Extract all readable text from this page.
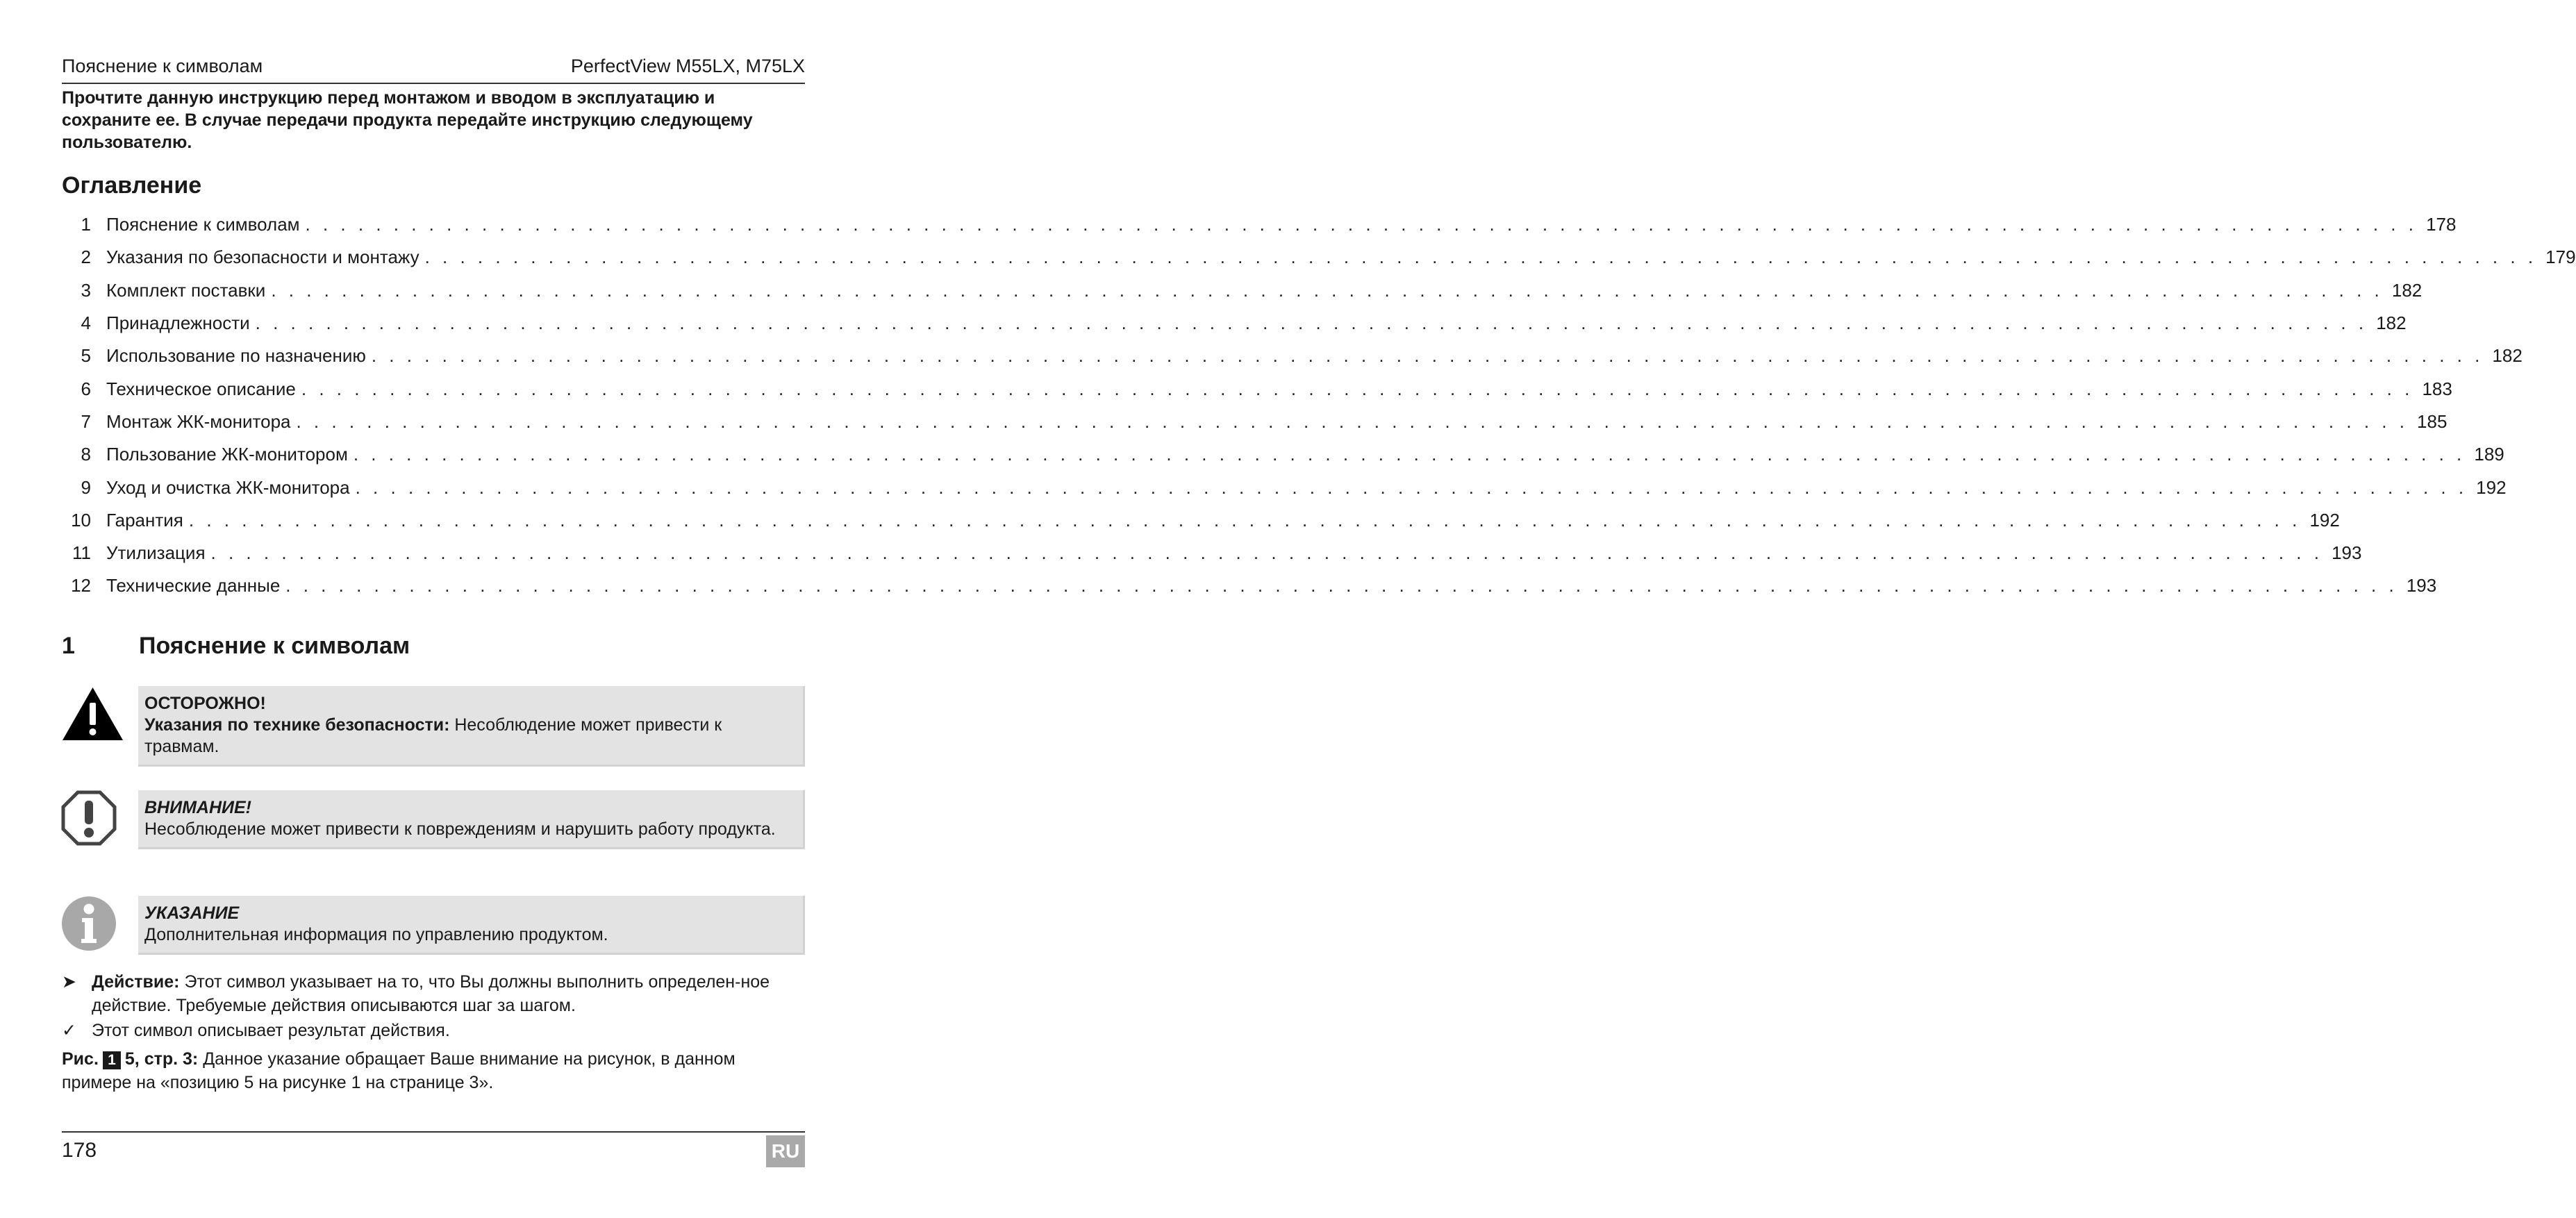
Пояснение к символам	PerfectView M55LX, M75LX
Прочтите данную инструкцию перед монтажом и вводом в эксплуатацию и сохраните ее. В случае передачи продукта передайте инструкцию следующему пользователю.
Оглавление
1 Пояснение к символам . . . . . . . . . . . . . . . . . . . . . . . . . . . . . . . . . . . . . . . . . . . . . . . . . . . . . . . . . . . . . . . . . . . . . . . . . . . . . . . . . . . . . . . . . . . . . . . . . . . . . . . . . . . . . . . . . . . . . . . . 178
2 Указания по безопасности и монтажу . . . . . . . . . . . . . . . . . . . . . . . . . . . . . . . . . . . . . . . . . . . . . . . . . . . . . . . . . . . . . . . . . . . . . . . . . . . . . . . . . . . . . . . . . . . . . . . . . . . . . . . . . . . . . . . . . . . . . . . . 179
3 Комплект поставки . . . . . . . . . . . . . . . . . . . . . . . . . . . . . . . . . . . . . . . . . . . . . . . . . . . . . . . . . . . . . . . . . . . . . . . . . . . . . . . . . . . . . . . . . . . . . . . . . . . . . . . . . . . . . . . . . . . . . . . . 182
4 Принадлежности . . . . . . . . . . . . . . . . . . . . . . . . . . . . . . . . . . . . . . . . . . . . . . . . . . . . . . . . . . . . . . . . . . . . . . . . . . . . . . . . . . . . . . . . . . . . . . . . . . . . . . . . . . . . . . . . . . . . . . . . 182
5 Использование по назначению . . . . . . . . . . . . . . . . . . . . . . . . . . . . . . . . . . . . . . . . . . . . . . . . . . . . . . . . . . . . . . . . . . . . . . . . . . . . . . . . . . . . . . . . . . . . . . . . . . . . . . . . . . . . . . . . . . . . . . . . 182
6 Техническое описание . . . . . . . . . . . . . . . . . . . . . . . . . . . . . . . . . . . . . . . . . . . . . . . . . . . . . . . . . . . . . . . . . . . . . . . . . . . . . . . . . . . . . . . . . . . . . . . . . . . . . . . . . . . . . . . . . . . . . . . . 183
7 Монтаж ЖК-монитора . . . . . . . . . . . . . . . . . . . . . . . . . . . . . . . . . . . . . . . . . . . . . . . . . . . . . . . . . . . . . . . . . . . . . . . . . . . . . . . . . . . . . . . . . . . . . . . . . . . . . . . . . . . . . . . . . . . . . . . . 185
8 Пользование ЖК-монитором . . . . . . . . . . . . . . . . . . . . . . . . . . . . . . . . . . . . . . . . . . . . . . . . . . . . . . . . . . . . . . . . . . . . . . . . . . . . . . . . . . . . . . . . . . . . . . . . . . . . . . . . . . . . . . . . . . . . . . . . 189
9 Уход и очистка ЖК-монитора . . . . . . . . . . . . . . . . . . . . . . . . . . . . . . . . . . . . . . . . . . . . . . . . . . . . . . . . . . . . . . . . . . . . . . . . . . . . . . . . . . . . . . . . . . . . . . . . . . . . . . . . . . . . . . . . . . . . . . . . 192
10 Гарантия . . . . . . . . . . . . . . . . . . . . . . . . . . . . . . . . . . . . . . . . . . . . . . . . . . . . . . . . . . . . . . . . . . . . . . . . . . . . . . . . . . . . . . . . . . . . . . . . . . . . . . . . . . . . . . . . . . . . . . . . 192
11 Утилизация . . . . . . . . . . . . . . . . . . . . . . . . . . . . . . . . . . . . . . . . . . . . . . . . . . . . . . . . . . . . . . . . . . . . . . . . . . . . . . . . . . . . . . . . . . . . . . . . . . . . . . . . . . . . . . . . . . . . . . . . 193
12 Технические данные . . . . . . . . . . . . . . . . . . . . . . . . . . . . . . . . . . . . . . . . . . . . . . . . . . . . . . . . . . . . . . . . . . . . . . . . . . . . . . . . . . . . . . . . . . . . . . . . . . . . . . . . . . . . . . . . . . . . . . . . 193
1	Пояснение к символам
ОСТОРОЖНО!
Указания по технике безопасности: Несоблюдение может привести к травмам.
ВНИМАНИЕ!
Несоблюдение может привести к повреждениям и нарушить работу продукта.
УКАЗАНИЕ
Дополнительная информация по управлению продуктом.
➤ Действие: Этот символ указывает на то, что Вы должны выполнить определен-ное действие. Требуемые действия описываются шаг за шагом.
✓ Этот символ описывает результат действия.
Рис. 1 5, стр. 3: Данное указание обращает Ваше внимание на рисунок, в данном примере на «позицию 5 на рисунке 1 на странице 3».
178	RU
